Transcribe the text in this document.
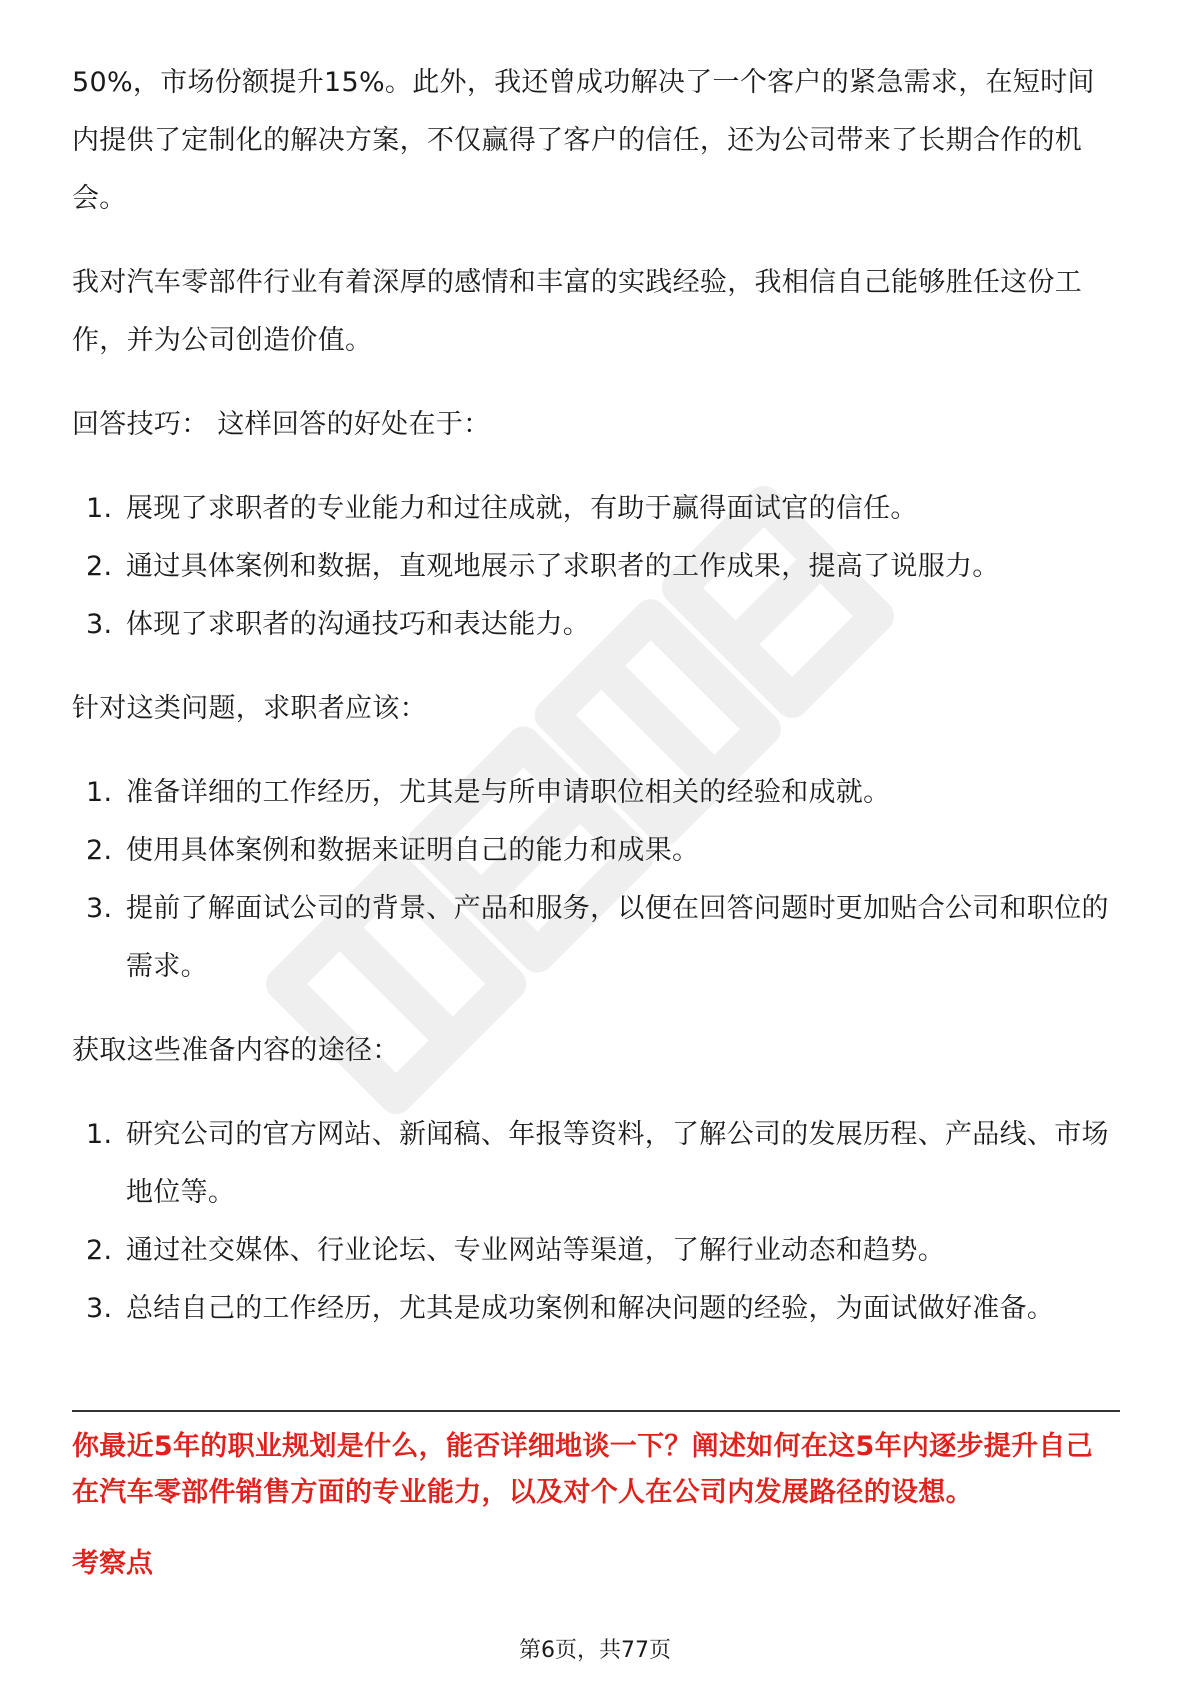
50%，市场份额提升15%。此外，我还曾成功解决了一个客户的紧急需求，在短时间内提供了定制化的解决方案，不仅赢得了客户的信任，还为公司带来了长期合作的机会。

我对汽车零部件行业有着深厚的感情和丰富的实践经验，我相信自己能够胜任这份工作，并为公司创造价值。

回答技巧： 这样回答的好处在于：

1. 展现了求职者的专业能力和过往成就，有助于赢得面试官的信任。
2. 通过具体案例和数据，直观地展示了求职者的工作成果，提高了说服力。
3. 体现了求职者的沟通技巧和表达能力。

针对这类问题，求职者应该：

1. 准备详细的工作经历，尤其是与所申请职位相关的经验和成就。
2. 使用具体案例和数据来证明自己的能力和成果。
3. 提前了解面试公司的背景、产品和服务，以便在回答问题时更加贴合公司和职位的需求。

获取这些准备内容的途径：

1. 研究公司的官方网站、新闻稿、年报等资料，了解公司的发展历程、产品线、市场地位等。
2. 通过社交媒体、行业论坛、专业网站等渠道，了解行业动态和趋势。
3. 总结自己的工作经历，尤其是成功案例和解决问题的经验，为面试做好准备。
你最近5年的职业规划是什么，能否详细地谈一下？阐述如何在这5年内逐步提升自己在汽车零部件销售方面的专业能力，以及对个人在公司内发展路径的设想。
考察点
第6页，共77页
